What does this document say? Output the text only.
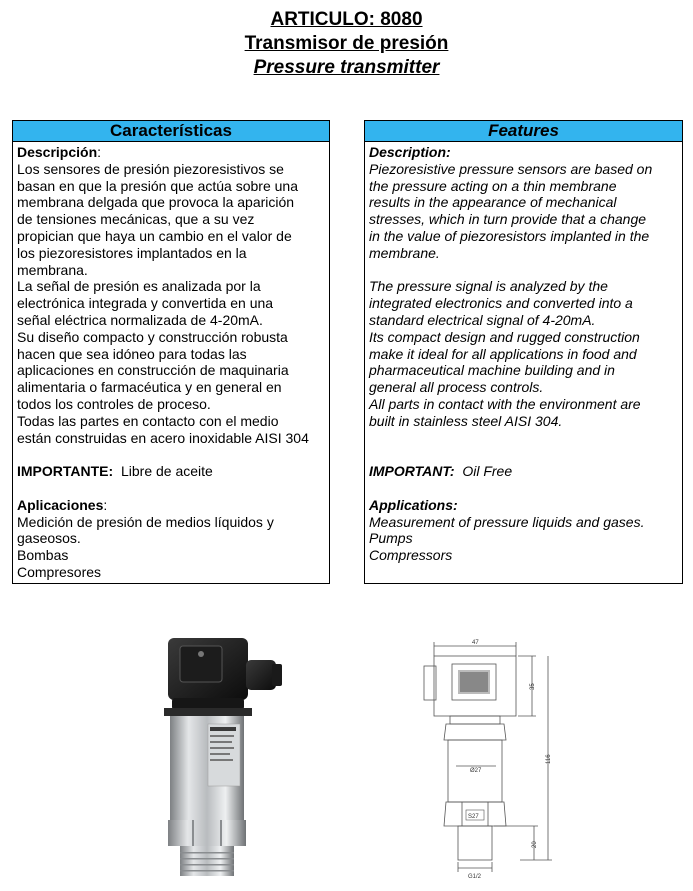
ARTICULO: 8080
Transmisor de presión
Pressure transmitter
Características
Descripción:
Los sensores de presión piezoresistivos se
basan en que la presión que actúa sobre una
membrana delgada que provoca la aparición
de tensiones mecánicas, que a su vez
propician que haya un cambio en el valor de
los piezoresistores implantados en la
membrana.
La señal de presión es analizada por la
electrónica integrada y convertida en una
señal eléctrica normalizada de 4-20mA.
Su diseño compacto y construcción robusta
hacen que sea idóneo para todas las
aplicaciones en construcción de maquinaria
alimentaria o farmacéutica y en general en
todos los controles de proceso.
Todas las partes en contacto con el medio
están construidas en acero inoxidable AISI 304
IMPORTANTE: Libre de aceite
Aplicaciones:
Medición de presión de medios líquidos y
gaseosos.
Bombas
Compresores
Features
Description:
Piezoresistive pressure sensors are based on
the pressure acting on a thin membrane
results in the appearance of mechanical
stresses, which in turn provide that a change
in the value of piezoresistors implanted in the
membrane.
The pressure signal is analyzed by the
integrated electronics and converted into a
standard electrical signal of 4-20mA.
Its compact design and rugged construction
make it ideal for all applications in food and
pharmaceutical machine building and in
general all process controls.
All parts in contact with the environment are
built in stainless steel AISI 304.
IMPORTANT: Oil Free
Applications:
Measurement of pressure liquids and gases.
Pumps
Compressors
47
35
116
Ø27
S27
20
G1/2
